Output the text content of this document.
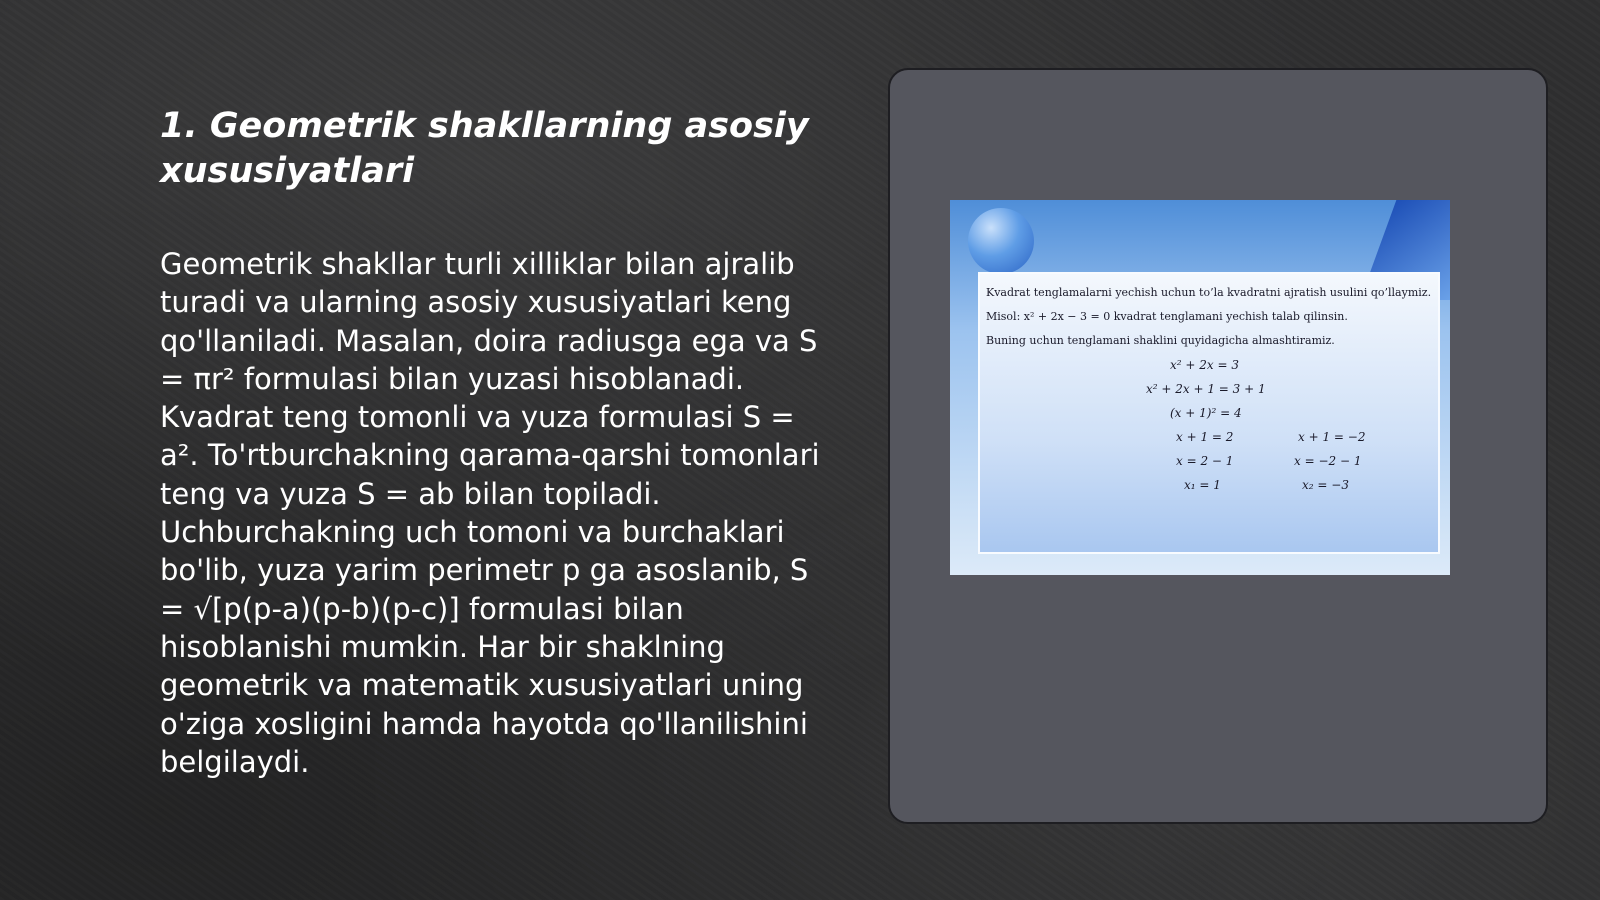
1. Geometrik shakllarning asosiy xususiyatlari

Geometrik shakllar turli xilliklar bilan ajralib turadi va ularning asosiy xususiyatlari keng qo'llaniladi. Masalan, doira radiusga ega va S = πr² formulasi bilan yuzasi hisoblanadi. Kvadrat teng tomonli va yuza formulasi S = a². To'rtburchakning qarama-qarshi tomonlari teng va yuza S = ab bilan topiladi. Uchburchakning uch tomoni va burchaklari bo'lib, yuza yarim perimetr p ga asoslanib, S = √[p(p-a)(p-b)(p-c)] formulasi bilan hisoblanishi mumkin. Har bir shaklning geometrik va matematik xususiyatlari uning o'ziga xosligini hamda hayotda qo'llanilishini belgilaydi.

Kvadrat tenglamalarni yechish uchun to’la kvadratni ajratish usulini qo’llaymiz.
Misol: x² + 2x − 3 = 0 kvadrat tenglamani yechish talab qilinsin.
Buning uchun tenglamani shaklini quyidagicha almashtiramiz.
x² + 2x = 3
x² + 2x + 1 = 3 + 1
(x + 1)² = 4
x + 1 = 2	x + 1 = −2
x = 2 − 1	x = −2 − 1
x₁ = 1	x₂ = −3
